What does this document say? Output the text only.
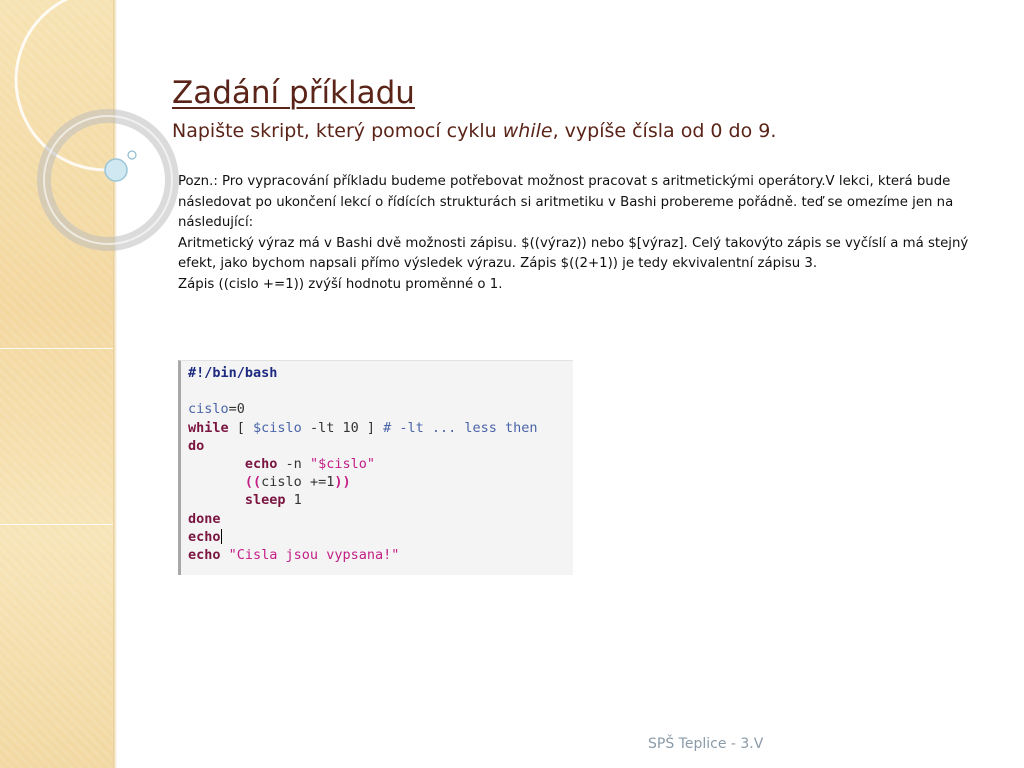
Zadání příkladu
Napište skript, který pomocí cyklu while, vypíše čísla od 0 do 9.

Pozn.: Pro vypracování příkladu budeme potřebovat možnost pracovat s aritmetickými operátory.V lekci, která bude následovat po ukončení lekcí o řídících strukturách si aritmetiku v Bashi probereme pořádně. teď se omezíme jen na následující:

Aritmetický výraz má v Bashi dvě možnosti zápisu. $((výraz)) nebo $[výraz]. Celý takovýto zápis se vyčíslí a má stejný efekt, jako bychom napsali přímo výsledek výrazu. Zápis $((2+1)) je tedy ekvivalentní zápisu 3.

Zápis ((cislo +=1)) zvýší hodnotu proměnné o 1.

#!/bin/bash

cislo=0
while [ $cislo -lt 10 ] # -lt ... less then
do
echo -n "$cislo"
((cislo +=1))
sleep 1
done
echo
echo "Cisla jsou vypsana!"
SPŠ Teplice - 3.V
